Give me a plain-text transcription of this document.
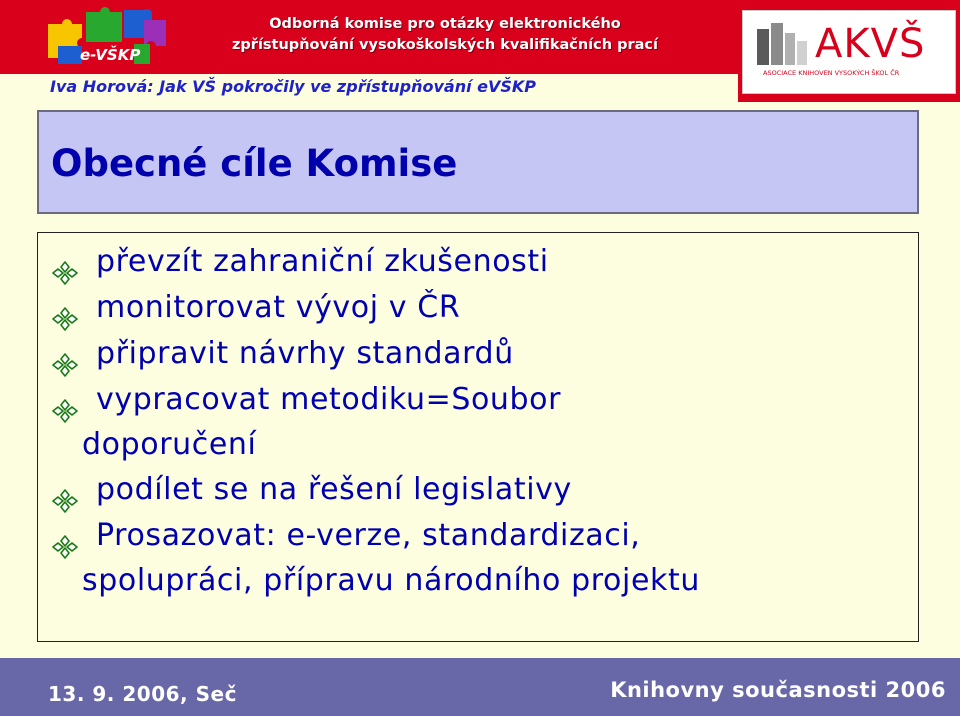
e-VŠKP
Odborná komise pro otázky elektronického
zpřístupňování vysokoškolských kvalifikačních prací	AKVŠ
ASOCIACE KNIHOVEN VYSOKÝCH ŠKOL ČR
Iva Horová: Jak VŠ pokročily ve zpřístupňování eVŠKP
Obecné cíle Komise
převzít zahraniční zkušenosti
monitorovat vývoj v ČR
připravit návrhy standardů
vypracovat metodiku=Soubor
doporučení
podílet se na řešení legislativy
Prosazovat: e-verze, standardizaci,
spolupráci, přípravu národního projektu
13. 9. 2006, Seč	Knihovny současnosti 2006
